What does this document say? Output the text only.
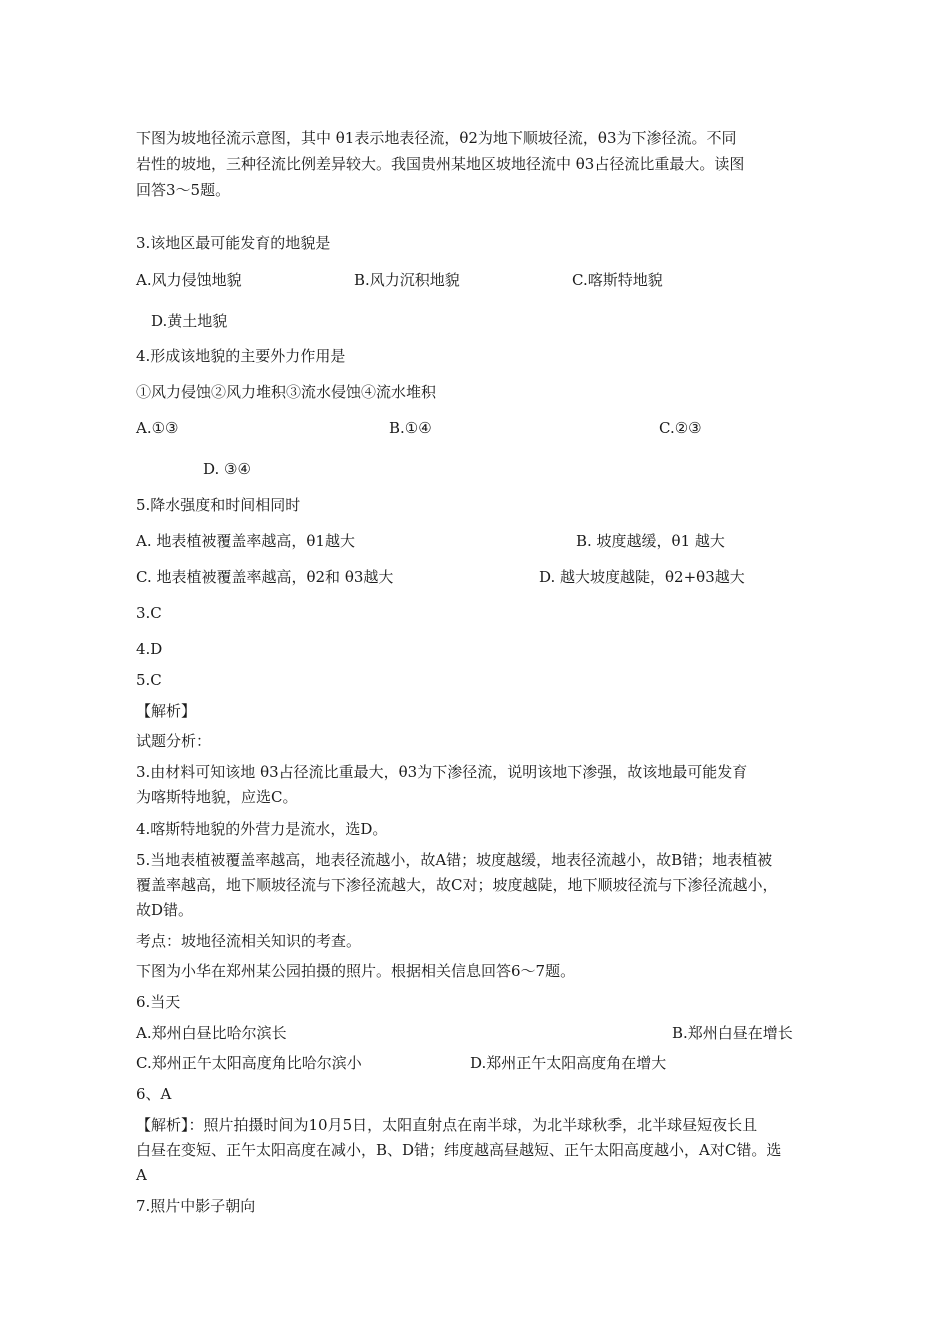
下图为坡地径流示意图，其中 θ1表示地表径流，θ2为地下顺坡径流，θ3为下渗径流。不同
岩性的坡地，三种径流比例差异较大。我国贵州某地区坡地径流中 θ3占径流比重最大。读图
回答3～5题。
3.该地区最可能发育的地貌是
A.风力侵蚀地貌	B.风力沉积地貌	C.喀斯特地貌
D.黄土地貌
4.形成该地貌的主要外力作用是
①风力侵蚀②风力堆积③流水侵蚀④流水堆积
A.①③	B.①④	C.②③
D. ③④
5.降水强度和时间相同时
A. 地表植被覆盖率越高，θ1越大	B. 坡度越缓，θ1 越大
C. 地表植被覆盖率越高，θ2和 θ3越大	D. 越大坡度越陡，θ2+θ3越大
3.C
4.D
5.C
【解析】
试题分析：
3.由材料可知该地 θ3占径流比重最大，θ3为下渗径流，说明该地下渗强，故该地最可能发育
为喀斯特地貌，应选C。
4.喀斯特地貌的外营力是流水，选D。
5.当地表植被覆盖率越高，地表径流越小，故A错；坡度越缓，地表径流越小，故B错；地表植被
覆盖率越高，地下顺坡径流与下渗径流越大，故C对；坡度越陡，地下顺坡径流与下渗径流越小，
故D错。
考点：坡地径流相关知识的考查。
下图为小华在郑州某公园拍摄的照片。根据相关信息回答6～7题。
6.当天
A.郑州白昼比哈尔滨长	B.郑州白昼在增长
C.郑州正午太阳高度角比哈尔滨小	D.郑州正午太阳高度角在增大
6、A
【解析】：照片拍摄时间为10月5日，太阳直射点在南半球，为北半球秋季，北半球昼短夜长且
白昼在变短、正午太阳高度在减小，B、D错；纬度越高昼越短、正午太阳高度越小，A对C错。选
A
7.照片中影子朝向
